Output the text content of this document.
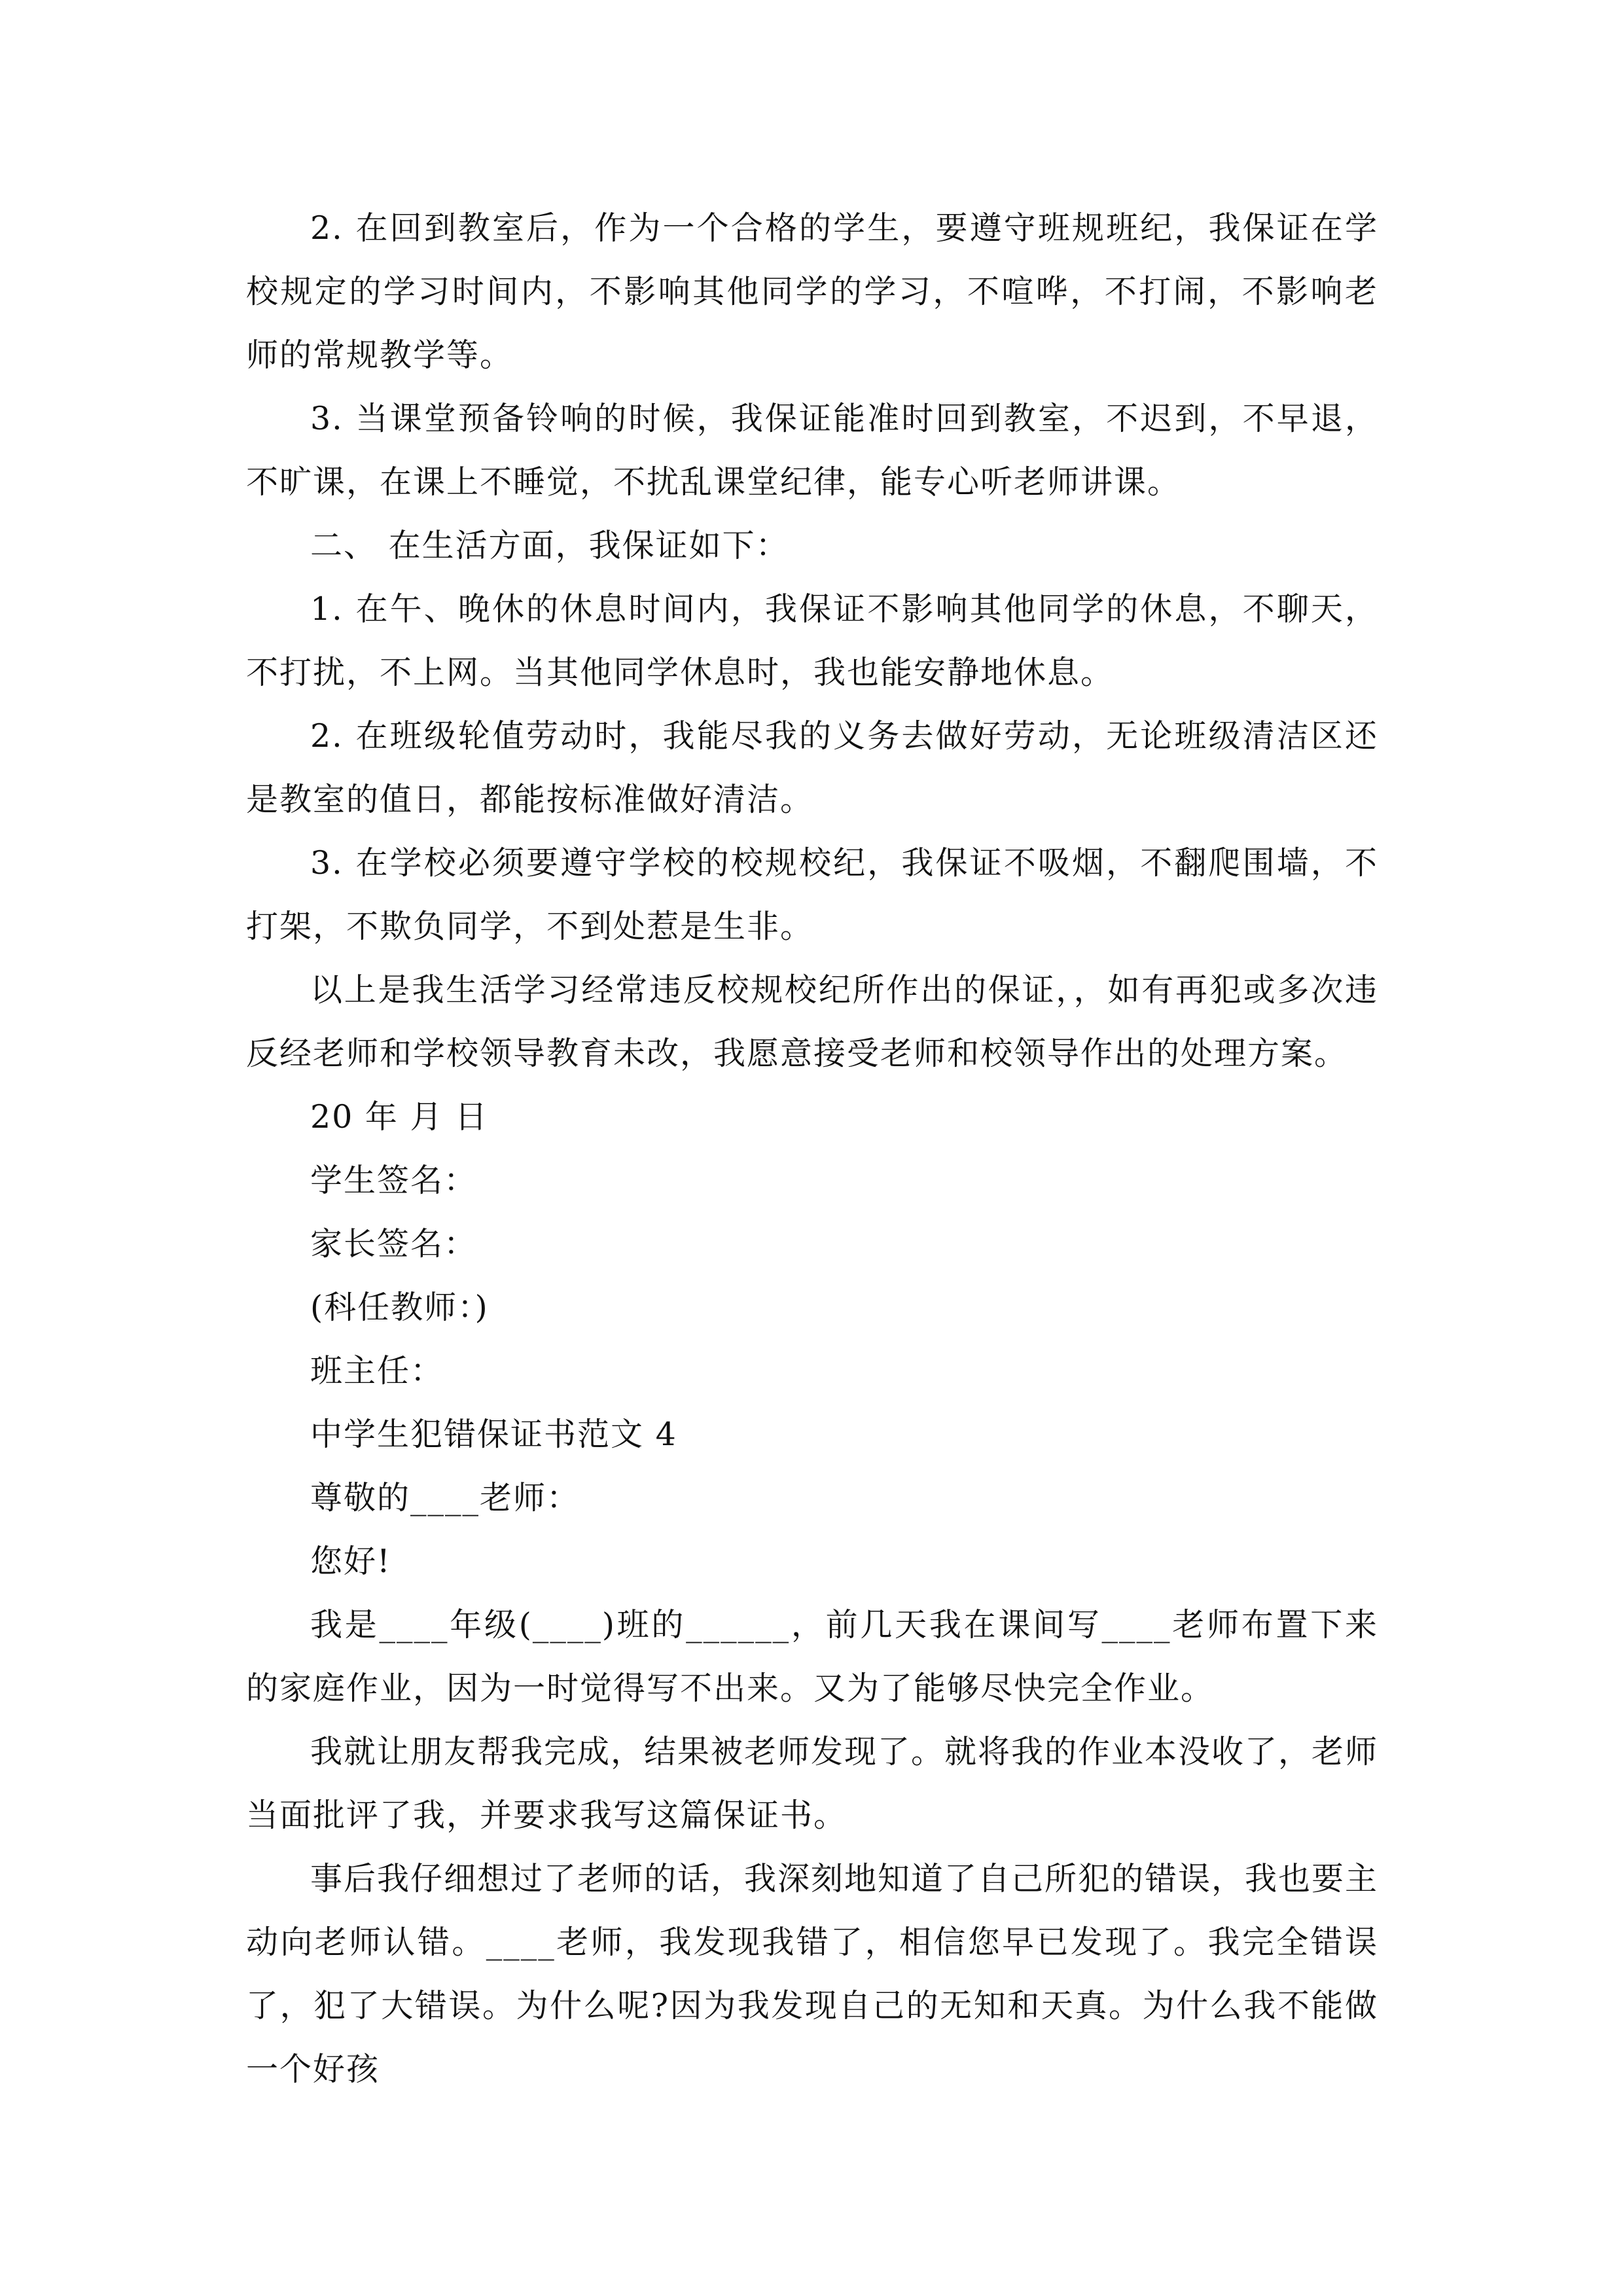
2. 在回到教室后，作为一个合格的学生，要遵守班规班纪，我保证在学校规定的学习时间内，不影响其他同学的学习，不喧哗，不打闹，不影响老师的常规教学等。

3. 当课堂预备铃响的时候，我保证能准时回到教室，不迟到，不早退，不旷课，在课上不睡觉，不扰乱课堂纪律，能专心听老师讲课。

二、 在生活方面，我保证如下：

1. 在午、晚休的休息时间内，我保证不影响其他同学的休息，不聊天，不打扰，不上网。当其他同学休息时，我也能安静地休息。

2. 在班级轮值劳动时，我能尽我的义务去做好劳动，无论班级清洁区还是教室的值日，都能按标准做好清洁。

3. 在学校必须要遵守学校的校规校纪，我保证不吸烟，不翻爬围墙，不打架，不欺负同学，不到处惹是生非。

以上是我生活学习经常违反校规校纪所作出的保证，，如有再犯或多次违反经老师和学校领导教育未改，我愿意接受老师和校领导作出的处理方案。

20 年 月 日

学生签名：

家长签名：

(科任教师：)

班主任：

中学生犯错保证书范文 4

尊敬的____老师：

您好!

我是____年级(____)班的______，前几天我在课间写____老师布置下来的家庭作业，因为一时觉得写不出来。又为了能够尽快完全作业。

我就让朋友帮我完成，结果被老师发现了。就将我的作业本没收了，老师当面批评了我，并要求我写这篇保证书。

事后我仔细想过了老师的话，我深刻地知道了自己所犯的错误，我也要主动向老师认错。____老师，我发现我错了，相信您早已发现了。我完全错误了，犯了大错误。为什么呢?因为我发现自己的无知和天真。为什么我不能做一个好孩
